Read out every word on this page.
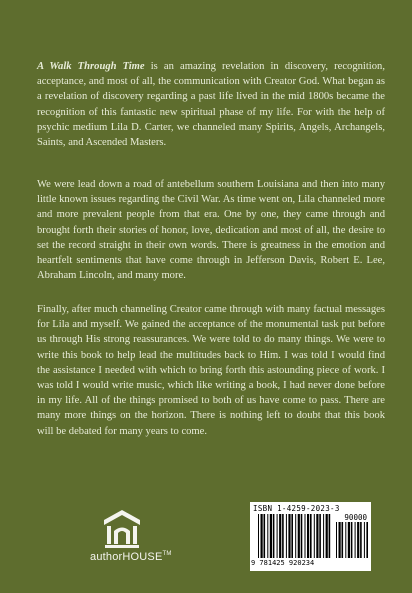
A Walk Through Time is an amazing revelation in discovery, recognition, acceptance, and most of all, the communication with Creator God. What began as a revelation of discovery regarding a past life lived in the mid 1800s became the recognition of this fantastic new spiritual phase of my life. For with the help of psychic medium Lila D. Carter, we channeled many Spirits, Angels, Archangels, Saints, and Ascended Masters.

We were lead down a road of antebellum southern Louisiana and then into many little known issues regarding the Civil War. As time went on, Lila channeled more and more prevalent people from that era. One by one, they came through and brought forth their stories of honor, love, dedication and most of all, the desire to set the record straight in their own words. There is greatness in the emotion and heartfelt sentiments that have come through in Jefferson Davis, Robert E. Lee, Abraham Lincoln, and many more.

Finally, after much channeling Creator came through with many factual messages for Lila and myself. We gained the acceptance of the monumental task put before us through His strong reassurances. We were told to do many things. We were to write this book to help lead the multitudes back to Him. I was told I would find the assistance I needed with which to bring forth this astounding piece of work. I was told I would write music, which like writing a book, I had never done before in my life. All of the things promised to both of us have come to pass. There are many more things on the horizon. There is nothing left to doubt that this book will be debated for many years to come.

authorHOUSE™
ISBN 1-4259-2023-3
90000
9 781425 920234
